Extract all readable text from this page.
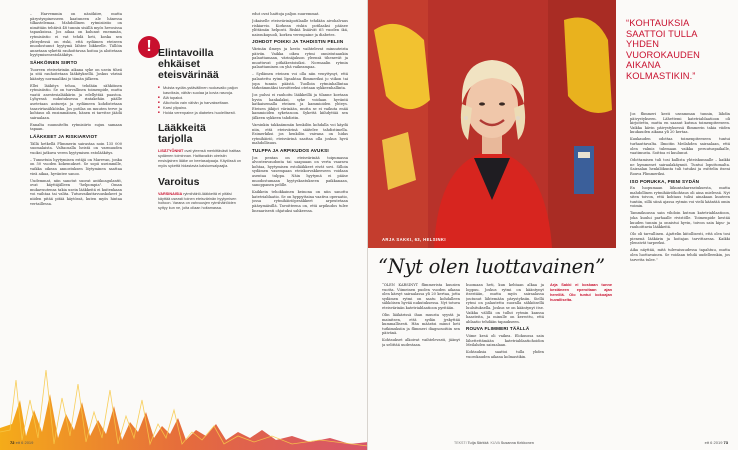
– Harvemmin on nänökiire, mutta pärystyspinesseen kaatuneen ale hänessa tilkastelemaa. Mahdollinen rytmisiistio on nimittäin tehtävä 48 tunnin sisällä myös hevosissa tapauksissa. Jos aikaa on kulunut enemmän, rytmisiistio ei vat tehdä heti, koska sen yhteydessä on riski, että sydämen eteiseen muodostunut hyytymä lähtee liikkeelle. Tällöin annetaan sykettä rauhoittavaa hoitoa ja aloitetaan hyytymisenestolääkitys.

SÄHKÖINEN SIIRTO

Tuoreen eteisvärinän aikana syke on usein tiheä ja sitä rauhoitetaan lääkityksellä. Joskus värinä kääntyy normaaliksi jo tämän jälkeen.

Ellei lääkitys tehoa, tehdään sähköinen rytmisiistio. Se on turvallinen toimenpide, mutta vaatii anestesialääkärin ja edellyttää paastoa. Lyhyessä nukutuksessa rintakehän päälle asetetaan antureja ja sydämeen kohdistetaan tasavirtasähköisku. Jos potilas on muuten terve ja kohtaus oli ensimmäinen, hänen ei tarvitse jäädä sairaalaan.

Ennalta suunniteltu rytmisiirto sujuu samaan tapaan.

LÄÄKKEET JA RISKIARVIOT

Tällä hetkellä Flimmerin sairastaa noin 135 000 suomalaista. Valtaosalla heistä on varmuuden vuoksi jatkuva veren hyytymisen estolääkitys.

– Tunnetuin hyytymisen estäjä on Marevan, jonka on 50 vuoden kokemukset. Se sopii useimmille, vaikka oikean annostuksen löytyminen saattaa vieä aikaa, hyväntee sanoo.

Uudemmat, niin sanotut suorat antikoagulantit, ovat käyttäjälleen "helpompia". Oman mukavuutensa takia usein lääkkeitä ei kuitenkaan voi vaihtaa tai valita. Tutusvaikuttavuuskokeet ja niiden pitää pitää käytössä, kuten myös hintaa vertaillessa.

! Elintavoilla ehkäiset eteisvärinää
■ Muista sydän-ystävällinen ruokavalio paljon kasviksia, vähän suolaa ja kovia rasvoja.
■ Älä tupakoi.
■ Alkoholia vain vähän ja harvakseltaan.
■ Karsi ylipaino.
■ Hoida verenpaine ja diabetes huolellisesti.
Lääkkeitä tarjolla
LISÄTYÖNNIT ovat yleensä merkittävästi haittaa sydämen toiminnan. Haittavaikin oireisiin ensisijainen lääke on beetasalpaaja. Käytössä on myös sykettä hidastavia kalsiumsalpaajia.
Varoitus
VARSINAISIA rytmihäiriö-lääkkeitä ei pitäisi käyttää useasti toinen eteisvärinän hyytymisen hoitoon. Varana on vahvuusjen rytmihäiriöiden syttyy kun ne, joita ollaan hoitamassa.

edut ovat haittoja paljon suuremmat.

Jokaiselle eteisvärinäpotilaalle tehdään aivohalvaus riskiarvio. Korkean riskin potilaaksi pääsee ylittämän helposti. Riskiä lisäävät 65 vuoden ikä, naissukupuoli, korkea verenpaine ja diabetes.

JOHDOT POIKKI JA TAHDISTIN PELIIN

Värinän ilmeys ja kesto vaihtelevat minuuteista päiviin. Vaikka oikea rytmi onnistutaankin palauttamaan, värinäjakson yleensä tihenevät ja muuttuvat pitkäkestoisiksi. Normaalin rytmin palauttaminen on yhä vaikeampaa.

– Sydämen eteinen voi olla niin venyttynyt, että palautettu rytmi lipsahtaa flimmeriksi jo viikon tai jopa tunnin päästä. Tuolloin rytminhallintaa tärkeämmäksi tavoitteeksi otetaan sykkeenhallinta.

Jos pulssi ei rauhoitu lääkkeillä ja tilanne koetaan hyvin hankalaksi, syke voidaan hyväntä katkaisemalla eteinen ja kammioiden yhteys. Eteisen jäkijot värinään, mutta se ei vaikuta enää kammioiden syketasoon. Sykettä kiihdyttää sen jälkeen sykkeen tahdistin.

Varsinkin takkaämmän henkilön kohdalla voi käydä niin, että eteisvärinä säätelee tahdistimella. Esimerkiksi jos henkilön vaivana on hidas rytmihäiriö, eteisvärinä saattaa olla joskus hyvä mahdollisuus.

TULPPA JA ARPIKUDOS AVUKSI

Jos pentan on eteisvärinää toipumassa alvostenvaudonta tai saapuaan on verta vaarava kohtaa, hyytymisen estolääkkeet eivät sovi. Silloin sydämen vasempaan eteiskorvakkeeseen voidaan asentaa tulppa. Näin hyytymä ei pääse muodostumaan hyytyskastukseen paikkanaan, sanoppanen pelille.

Kaikkein tehokkainen keinona on niin sanottu katetriablaatio. Se on hyppyttaina vaativa operaatio, jossa rytmihäiriöpesäkkeet arpeutetaan pääsymäisillä. Tavoitteena on, että arpikudos tulee lineaarisesti ohjatuksi sahkeessa.

72 ett 6 2019
ARJA SAKKI, 63, HELSINKI
“Nyt olen luottavainen”

“OLEN KÄRSINYT flimmerista kuusien vuotta. Viimeinen puolen vuoden aikana olen kärsyt sairaalassa yli 20 kertaa, jotta sydämen rytmi on saatu kohdalleen sähköisen hyvää nukutuksessa. Nyt totuva eteisvärinän katetriablaatioon pyritään.

Olin lääkärissä ihan muusta syystä ja mainitsen, että sydän jyskyttää kummallisesti. Hän määräsi minut heti tutkimuksiin ja flimmeri diagnosoitiin sen päivänä.

Kohtaukset alkoivat vaihtelevasti, jäänyt ja selittää uudestaan.

huomaan heti, kun kehtaan alkaa ja loppuu. Joskus rytmi on kääntynyt itsestään, mutta myös sairaalassa joutunut lähtemään pärystyksiin. Siellä rytmi on palautettu suoralla sähköisellä luulsituksella. Joskus se on kääntynyt itse. Vaikka välillä on tullut rytmin kanssa haasteita, ja minulle on kerrottu, että ablaatio tehdään tapaukseen.

ROUVA FLIMMERI TÄÄLLÄ

Viime kesä oli vaikea. Elokuussa sain lähettettämään katetriablaatiohoidon Meilahden sairaalaan.

Kohtauksia saattoi tulla yhden vuorokauden aikana kolmastikin.

Arja Sakki ei koskaan tunne kestäneen eperoitaan ajan hereillä. Olo tuntui kokoajan huvalliselta.

“KOHTAUKSIA SAATTOI TULLA YHDEN VUOROKAUDEN AIKANA KOLMASTIKIN.”

Jos flimmeri kesti useamman tunnin, lähdin päivystykseen. Lähettemi katetriablaatioon oli kirjoitettu, mutta en saanut kutsua toimenpiteeseen. Vaikka kävin päivystyksessä flimmerin takia viiden kuukauden aikana yli 20 kertaa.

Kuukauden odottaa toimenpiteeseen tuntui turhauttavalta. Ilmoitin Meilahden sairaalaan, että olen valmis tulemaan vaikka peruutuspaikalle, vaatimusta. Soittoa ei kuulunut.

Odottamisen tuli tosi kallista yhteiskunnalle – kaikki ne kymmenet sairaalakäynnit. Tuntui loputtomalta. Sairaalan henkilökunta tuli tutuksi ja esittelin itseni Rouva Flimmeriksi.

ISO PORUKKA, PIENI SYDÄN

En luopumaan liikuntaharrastuksesta, mutta mahdollinen rytmihäiriökohtaus oli aina mielessä. Nyt siten toivon, että kohtaus tulisi ainakaan kuuteen tuntiin, sillä siinä ajassa rytmin voi vielä kääntää omin voimin.

Tammikuussa sain vihdoin kutsun katetriablaatioon, joka kuului parhaalle rivistölle. Toimenpide kestää kuuden tunnin ja onnistui hyvin, toivon sain kipu- ja rauhoittavia lääkkeitä.

Olo oli tarvallinen. Ajattelin kiitollisesti, että olen tosi pienenä lääkärin ja hoitajan tarvittaessa. Kaikki ylensivät tarpeeksi.

Aika näyttää, mitä tulevaisuudessa tapahtuu, mutta olen luottavainen. Se voidaan tehdä uudelleenkin, jos tarvetta tulee.”

TEKSTI Tuija Särkkä KUVA Susanna Kekkonen	ett 6 2019 73
